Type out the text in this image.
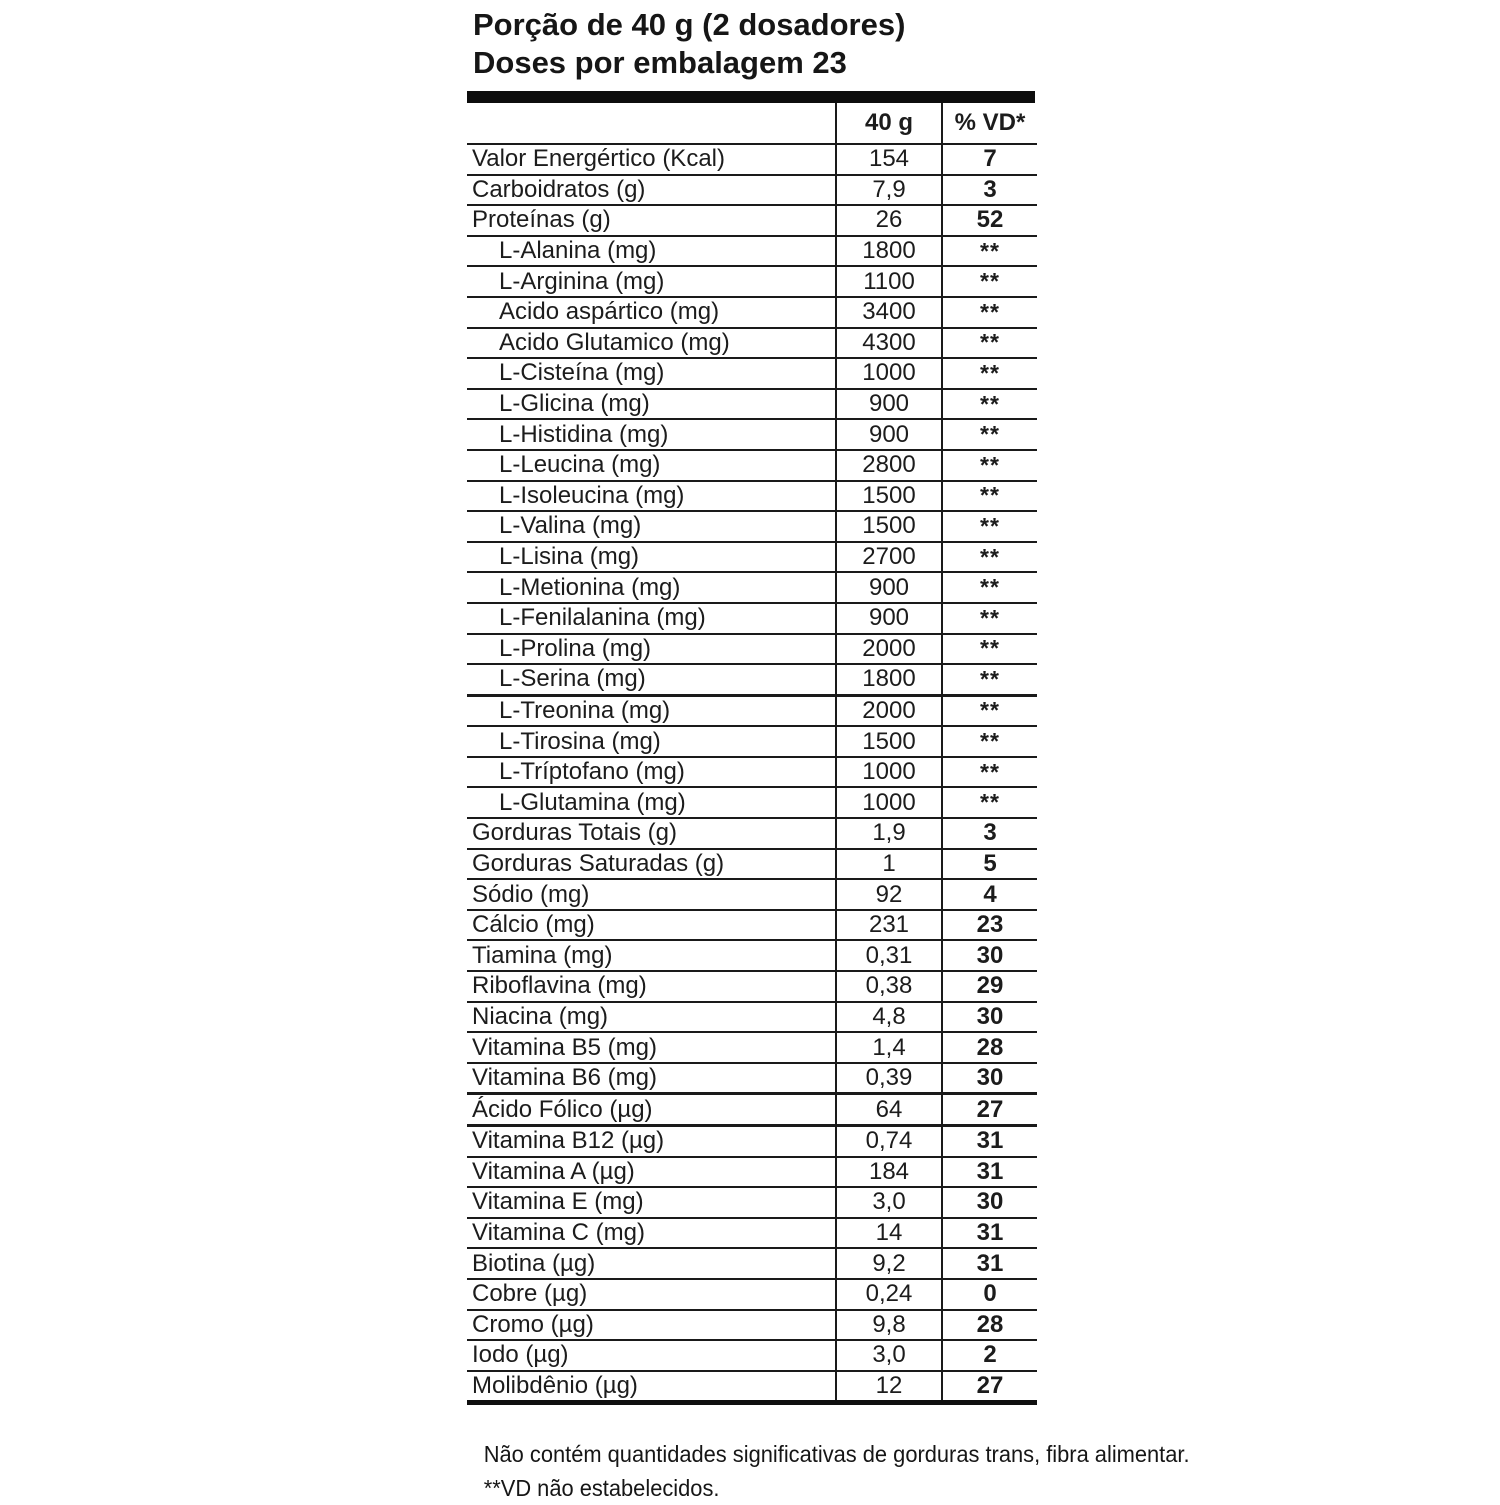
Porção de 40 g (2 dosadores)
Doses por embalagem 23
	40 g	% VD*
Valor Energértico (Kcal)	154	7
Carboidratos (g)	7,9	3
Proteínas (g)	26	52
L-Alanina (mg)	1800	**
L-Arginina (mg)	1100	**
Acido aspártico (mg)	3400	**
Acido Glutamico (mg)	4300	**
L-Cisteína (mg)	1000	**
L-Glicina (mg)	900	**
L-Histidina (mg)	900	**
L-Leucina (mg)	2800	**
L-Isoleucina (mg)	1500	**
L-Valina (mg)	1500	**
L-Lisina (mg)	2700	**
L-Metionina (mg)	900	**
L-Fenilalanina (mg)	900	**
L-Prolina (mg)	2000	**
L-Serina (mg)	1800	**
L-Treonina (mg)	2000	**
L-Tirosina (mg)	1500	**
L-Tríptofano (mg)	1000	**
L-Glutamina (mg)	1000	**
Gorduras Totais (g)	1,9	3
Gorduras Saturadas (g)	1	5
Sódio (mg)	92	4
Cálcio (mg)	231	23
Tiamina (mg)	0,31	30
Riboflavina (mg)	0,38	29
Niacina (mg)	4,8	30
Vitamina B5 (mg)	1,4	28
Vitamina B6 (mg)	0,39	30
Ácido Fólico (µg)	64	27
Vitamina B12 (µg)	0,74	31
Vitamina A (µg)	184	31
Vitamina E (mg)	3,0	30
Vitamina C (mg)	14	31
Biotina (µg)	9,2	31
Cobre (µg)	0,24	0
Cromo (µg)	9,8	28
Iodo (µg)	3,0	2
Molibdênio (µg)	12	27
Não contém quantidades significativas de gorduras trans, fibra alimentar.
**VD não estabelecidos.
